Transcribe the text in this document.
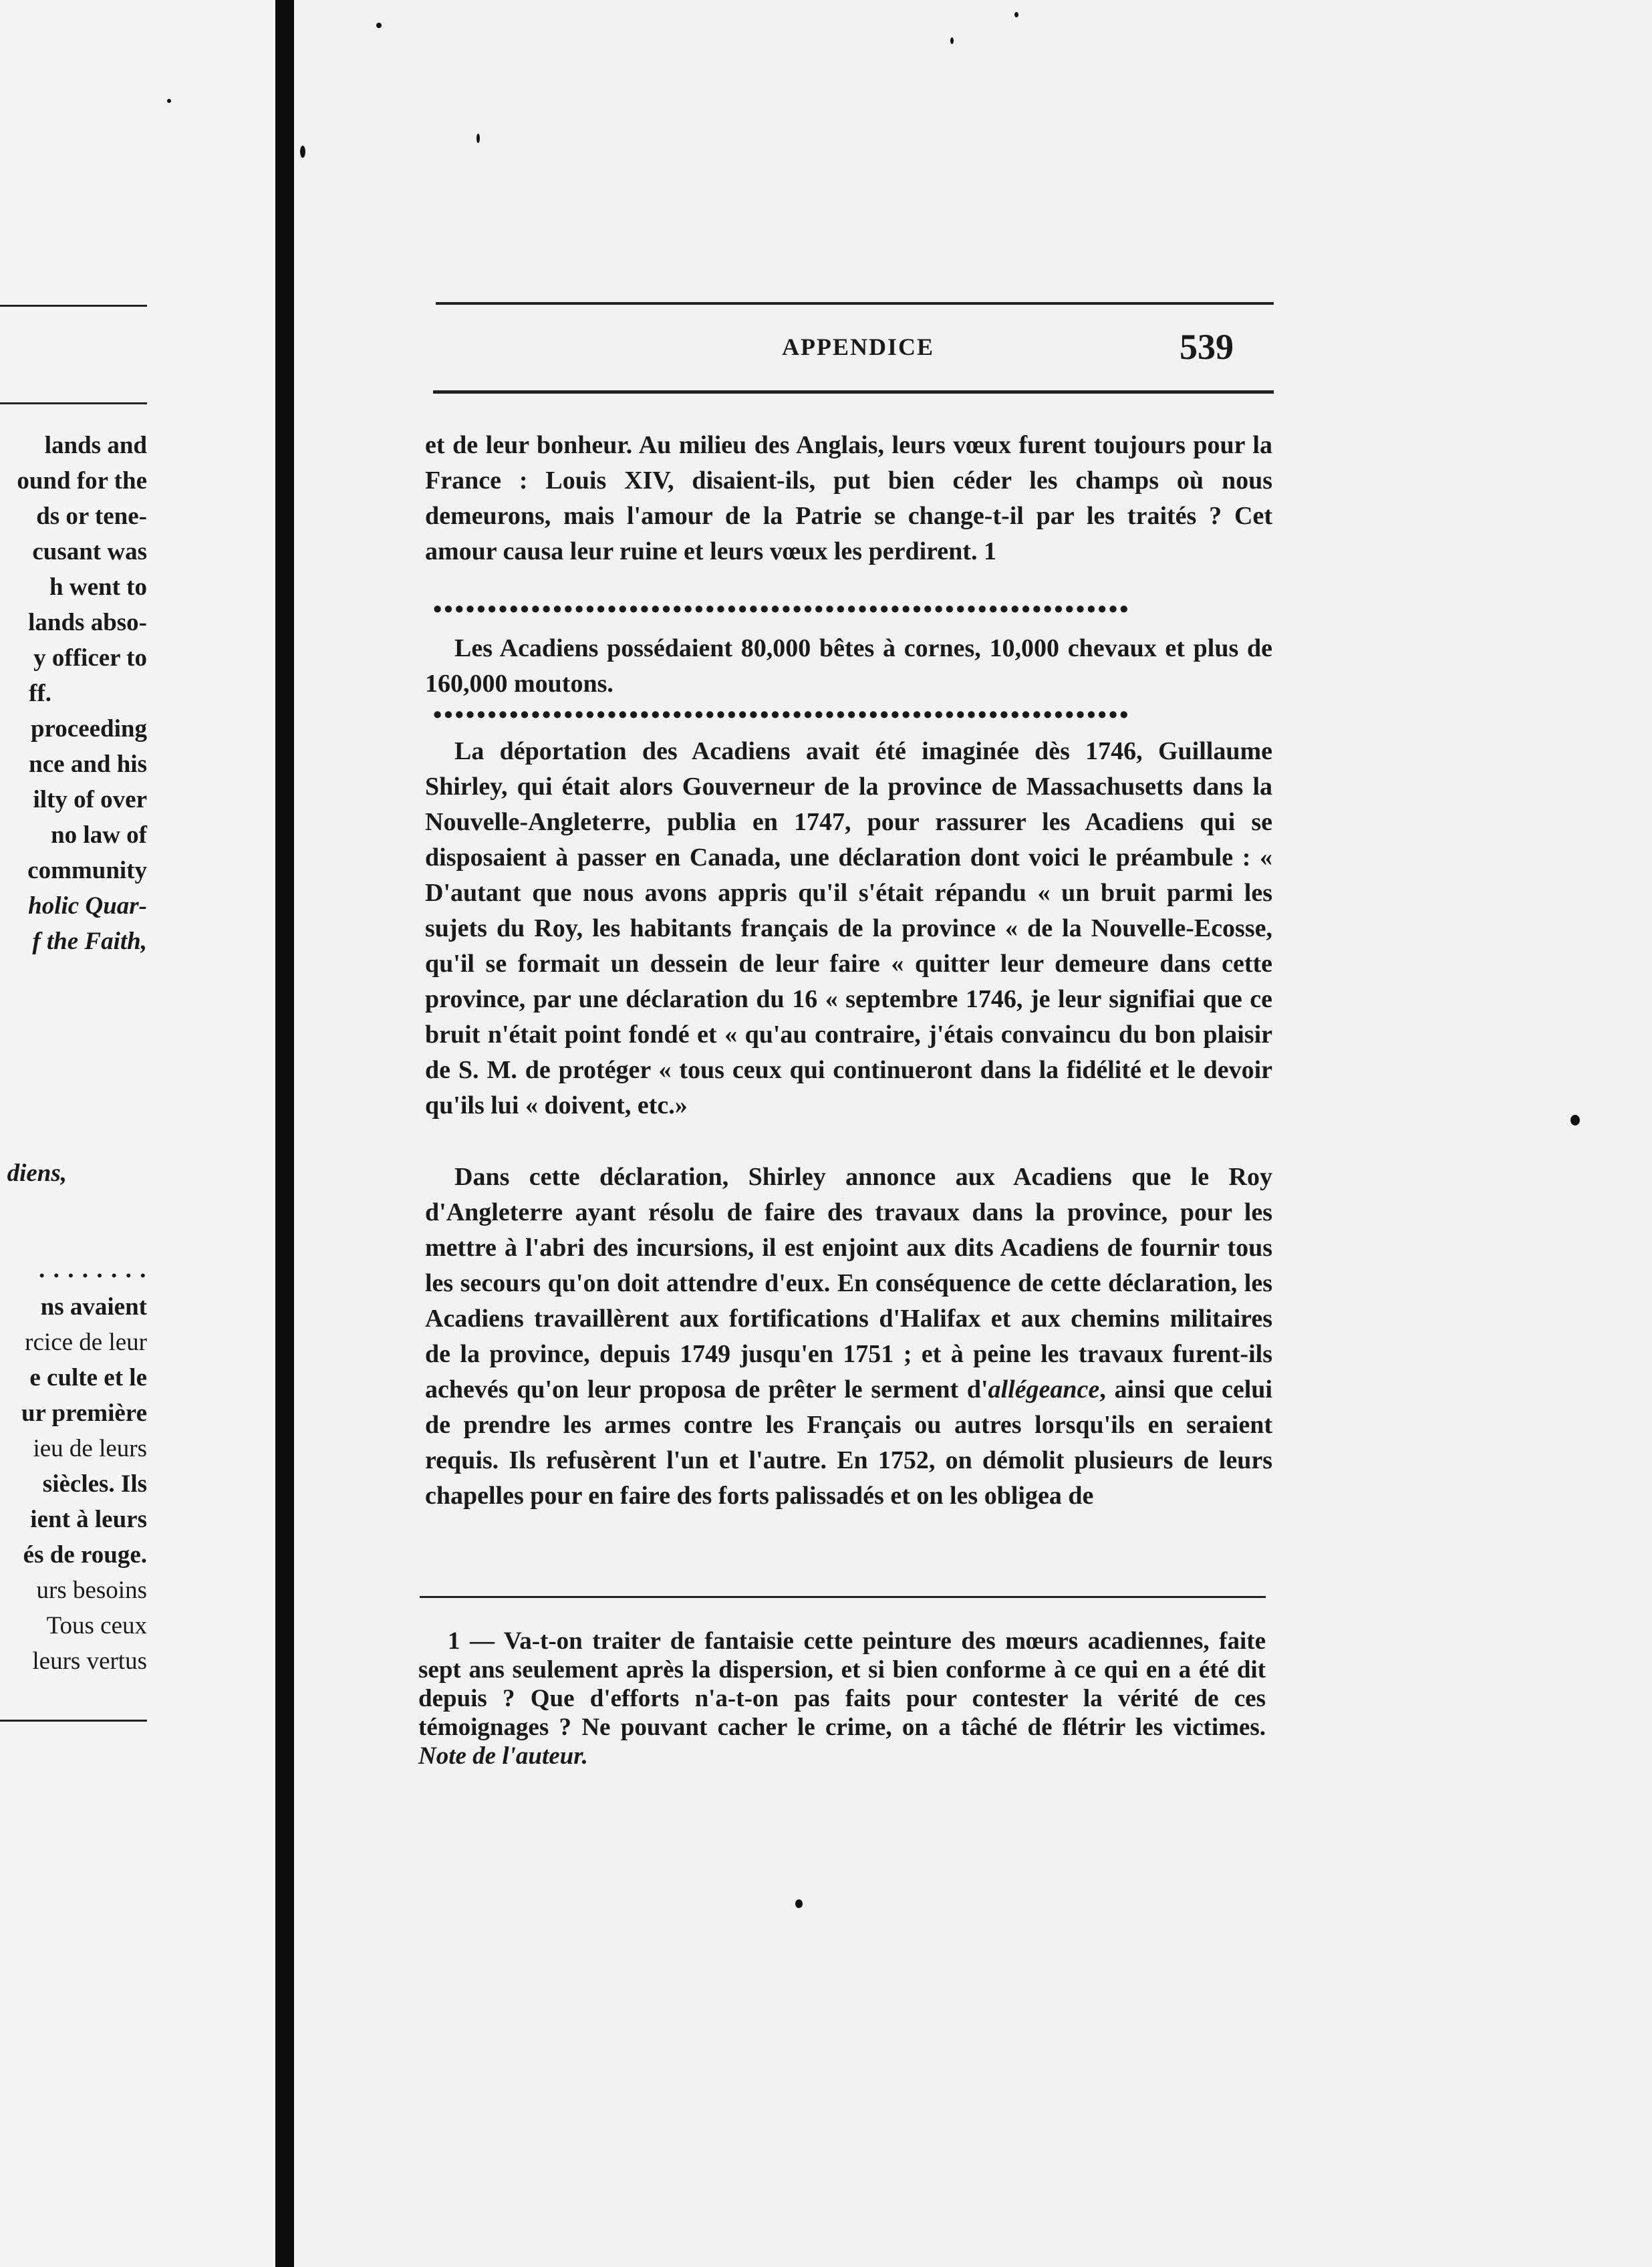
lands and
ound for the
ds or tene-
cusant was
h went to
lands abso-
y officer to
ff.
proceeding
nce and his
ilty of over
no law of
community
holic Quar-
f the Faith,
diens,
· · · · · · · ·
ns avaient
rcice de leur
e culte et le
ur première
ieu de leurs
siècles. Ils
ient à leurs
és de rouge.
urs besoins
Tous ceux
leurs vertus
APPENDICE	539

et de leur bonheur. Au milieu des Anglais, leurs vœux furent toujours pour la France : Louis XIV, disaient-ils, put bien céder les champs où nous demeurons, mais l'amour de la Patrie se change-t-il par les traités ? Cet amour causa leur ruine et leurs vœux les perdirent. 1

••••••••••••••••••••••••••••••••••••••••••••••••••••••••••••••••

Les Acadiens possédaient 80,000 bêtes à cornes, 10,000 chevaux et plus de 160,000 moutons.

••••••••••••••••••••••••••••••••••••••••••••••••••••••••••••••••

La déportation des Acadiens avait été imaginée dès 1746, Guillaume Shirley, qui était alors Gouverneur de la province de Massachusetts dans la Nouvelle-Angleterre, publia en 1747, pour rassurer les Acadiens qui se disposaient à passer en Canada, une déclaration dont voici le préambule : « D'autant que nous avons appris qu'il s'était répandu « un bruit parmi les sujets du Roy, les habitants français de la province « de la Nouvelle-Ecosse, qu'il se formait un dessein de leur faire « quitter leur demeure dans cette province, par une déclaration du 16 « septembre 1746, je leur signifiai que ce bruit n'était point fondé et « qu'au contraire, j'étais convaincu du bon plaisir de S. M. de protéger « tous ceux qui continueront dans la fidélité et le devoir qu'ils lui « doivent, etc.»

Dans cette déclaration, Shirley annonce aux Acadiens que le Roy d'Angleterre ayant résolu de faire des travaux dans la province, pour les mettre à l'abri des incursions, il est enjoint aux dits Acadiens de fournir tous les secours qu'on doit attendre d'eux. En conséquence de cette déclaration, les Acadiens travaillèrent aux fortifications d'Halifax et aux chemins militaires de la province, depuis 1749 jusqu'en 1751 ; et à peine les travaux furent-ils achevés qu'on leur proposa de prêter le serment d'allégeance, ainsi que celui de prendre les armes contre les Français ou autres lorsqu'ils en seraient requis. Ils refusèrent l'un et l'autre. En 1752, on démolit plusieurs de leurs chapelles pour en faire des forts palissadés et on les obligea de

1 — Va-t-on traiter de fantaisie cette peinture des mœurs acadiennes, faite sept ans seulement après la dispersion, et si bien conforme à ce qui en a été dit depuis ? Que d'efforts n'a-t-on pas faits pour contester la vérité de ces témoignages ? Ne pouvant cacher le crime, on a tâché de flétrir les victimes. Note de l'auteur.
